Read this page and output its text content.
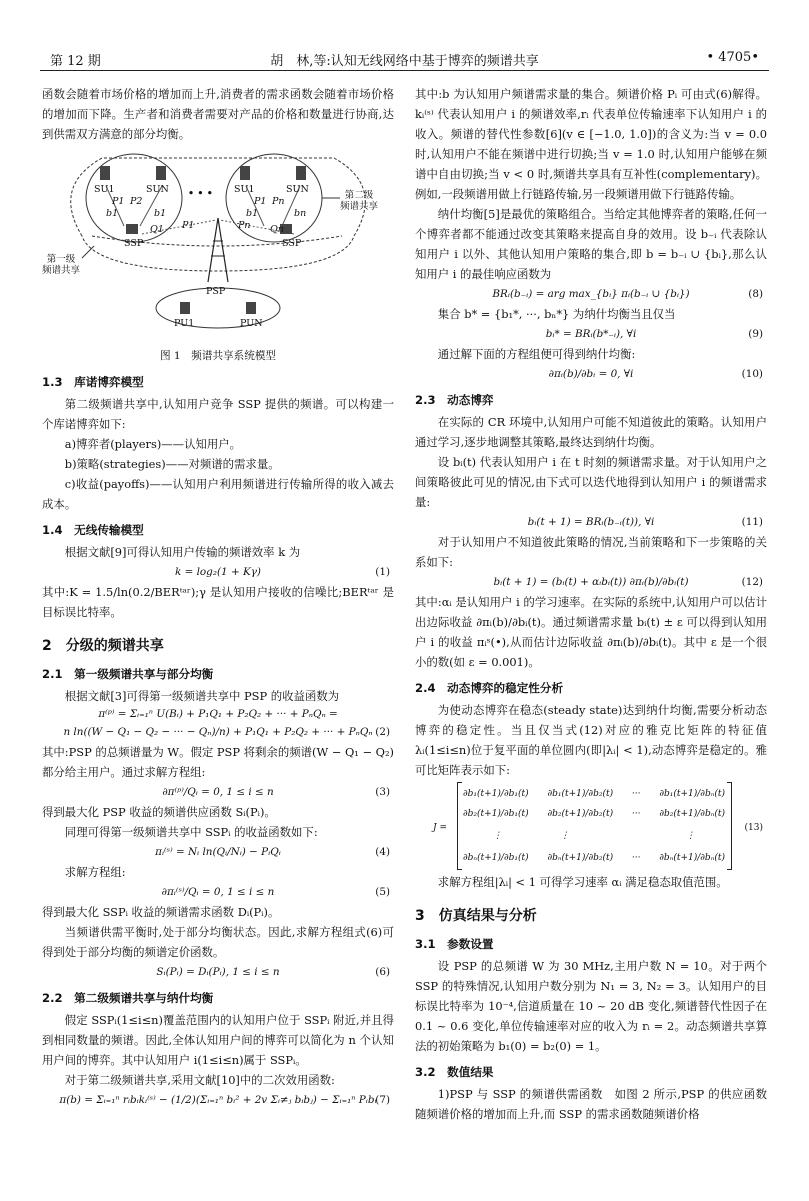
第 12 期	胡　林,等:认知无线网络中基于博弈的频谱共享	• 4705•

函数会随着市场价格的增加而上升,消费者的需求函数会随着市场价格的增加而下降。生产者和消费者需要对产品的价格和数量进行协商,达到供需双方满意的部分均衡。

SU1	SUN
P1 P2
b1	b1
SU1	SUN
P1 Pn
b1	bn
• • •
SSP
Q1 P1	Pn Qn
SSP
PSP
PU1	PUN
第二级
频谱共享
第一级
频谱共享
图 1　频谱共享系统模型
1.3　库诺博弈模型

第二级频谱共享中,认知用户竞争 SSP 提供的频谱。可以构建一个库诺博弈如下:

a)博弈者(players)——认知用户。

b)策略(strategies)——对频谱的需求量。

c)收益(payoffs)——认知用户利用频谱进行传输所得的收入减去成本。

1.4　无线传输模型

根据文献[9]可得认知用户传输的频谱效率 k 为

k = log₂(1 + Kγ)	(1)

其中:K = 1.5/ln(0.2/BERᵗᵃʳ);γ 是认知用户接收的信噪比;BERᵗᵃʳ 是目标误比特率。

2　分级的频谱共享
2.1　第一级频谱共享与部分均衡

根据文献[3]可得第一级频谱共享中 PSP 的收益函数为

π⁽ᵖ⁾ = Σᵢ₌₁ⁿ U(Bᵢ) + P₁Q₁ + P₂Q₂ + ··· + PₙQₙ =
n ln((W − Q₁ − Q₂ − ··· − Qₙ)/n) + P₁Q₁ + P₂Q₂ + ··· + PₙQₙ (2)

其中:PSP 的总频谱量为 W。假定 PSP 将剩余的频谱(W − Q₁ − Q₂)都分给主用户。通过求解方程组:

∂π⁽ᵖ⁾/Qᵢ = 0, 1 ≤ i ≤ n	(3)

得到最大化 PSP 收益的频谱供应函数 Sᵢ(Pᵢ)。

同理可得第一级频谱共享中 SSPᵢ 的收益函数如下:

πᵢ⁽ˢ⁾ = Nᵢ ln(Qᵢ/Nᵢ) − PᵢQᵢ	(4)

求解方程组:

∂πᵢ⁽ˢ⁾/Qᵢ = 0, 1 ≤ i ≤ n	(5)

得到最大化 SSPᵢ 收益的频谱需求函数 Dᵢ(Pᵢ)。

当频谱供需平衡时,处于部分均衡状态。因此,求解方程组式(6)可得到处于部分均衡的频谱定价函数。

Sᵢ(Pᵢ) = Dᵢ(Pᵢ), 1 ≤ i ≤ n	(6)
2.2　第二级频谱共享与纳什均衡

假定 SSPᵢ(1≤i≤n)覆盖范围内的认知用户位于 SSPᵢ 附近,并且得到相同数量的频谱。因此,全体认知用户间的博弈可以简化为 n 个认知用户间的博弈。其中认知用户 i(1≤i≤n)属于 SSPᵢ。

对于第二级频谱共享,采用文献[10]中的二次效用函数:

π(b) = Σᵢ₌₁ⁿ rᵢbᵢkᵢ⁽ˢ⁾ − (1/2)(Σᵢ₌₁ⁿ bᵢ² + 2v Σᵢ≠ⱼ bᵢbⱼ) − Σᵢ₌₁ⁿ Pᵢbᵢ
(7)

其中:b 为认知用户频谱需求量的集合。频谱价格 Pᵢ 可由式(6)解得。kᵢ⁽ˢ⁾ 代表认知用户 i 的频谱效率,rᵢ 代表单位传输速率下认知用户 i 的收入。频谱的替代性参数[6](v ∈ [−1.0, 1.0])的含义为:当 v = 0.0 时,认知用户不能在频谱中进行切换;当 v = 1.0 时,认知用户能够在频谱中自由切换;当 v < 0 时,频谱共享具有互补性(complementary)。例如,一段频谱用做上行链路传输,另一段频谱用做下行链路传输。

纳什均衡[5]是最优的策略组合。当给定其他博弈者的策略,任何一个博弈者都不能通过改变其策略来提高自身的效用。设 b₋ᵢ 代表除认知用户 i 以外、其他认知用户策略的集合,即 b = b₋ᵢ ∪ {bᵢ},那么认知用户 i 的最佳响应函数为

BRᵢ(b₋ᵢ) = arg max_{bᵢ} πᵢ(b₋ᵢ ∪ {bᵢ})	(8)

集合 b* = {b₁*, ···, bₙ*} 为纳什均衡当且仅当

bᵢ* = BRᵢ(b*₋ᵢ), ∀i	(9)

通过解下面的方程组便可得到纳什均衡:

∂πᵢ(b)/∂bᵢ = 0, ∀i	(10)
2.3　动态博弈

在实际的 CR 环境中,认知用户可能不知道彼此的策略。认知用户通过学习,逐步地调整其策略,最终达到纳什均衡。

设 bᵢ(t) 代表认知用户 i 在 t 时刻的频谱需求量。对于认知用户之间策略彼此可见的情况,由下式可以迭代地得到认知用户 i 的频谱需求量:

bᵢ(t + 1) = BRᵢ(b₋ᵢ(t)), ∀i	(11)

对于认知用户不知道彼此策略的情况,当前策略和下一步策略的关系如下:

bᵢ(t + 1) = (bᵢ(t) + αᵢbᵢ(t)) ∂πᵢ(b)/∂bᵢ(t)	(12)

其中:αᵢ 是认知用户 i 的学习速率。在实际的系统中,认知用户可以估计出边际收益 ∂πᵢ(b)/∂bᵢ(t)。通过频谱需求量 bᵢ(t) ± ε 可以得到认知用户 i 的收益 πᵢˢ(•),从而估计边际收益 ∂πᵢ(b)/∂bᵢ(t)。其中 ε 是一个很小的数(如 ε = 0.001)。

2.4　动态博弈的稳定性分析

为使动态博弈在稳态(steady state)达到纳什均衡,需要分析动态博弈的稳定性。当且仅当式(12)对应的雅克比矩阵的特征值 λᵢ(1≤i≤n)位于复平面的单位圆内(即|λᵢ| < 1),动态博弈是稳定的。雅可比矩阵表示如下:

J =
∂b₁(t+1)/∂b₁(t) ∂b₁(t+1)/∂b₂(t) ··· ∂b₁(t+1)/∂bₙ(t)
∂b₂(t+1)/∂b₁(t) ∂b₂(t+1)/∂b₂(t) ··· ∂b₂(t+1)/∂bₙ(t)
⋮	⋮	⋮
∂bₙ(t+1)/∂b₁(t) ∂bₙ(t+1)/∂b₂(t) ··· ∂bₙ(t+1)/∂bₙ(t)
(13)

求解方程组|λᵢ| < 1 可得学习速率 αᵢ 满足稳态取值范围。

3　仿真结果与分析
3.1　参数设置

设 PSP 的总频谱 W 为 30 MHz,主用户数 N = 10。对于两个 SSP 的特殊情况,认知用户数分别为 N₁ = 3, N₂ = 3。认知用户的目标误比特率为 10⁻⁴,信道质量在 10 ~ 20 dB 变化,频谱替代性因子在 0.1 ~ 0.6 变化,单位传输速率对应的收入为 rᵢ = 2。动态频谱共享算法的初始策略为 b₁(0) = b₂(0) = 1。

3.2　数值结果

1)PSP 与 SSP 的频谱供需函数　如图 2 所示,PSP 的供应函数随频谱价格的增加而上升,而 SSP 的需求函数随频谱价格
